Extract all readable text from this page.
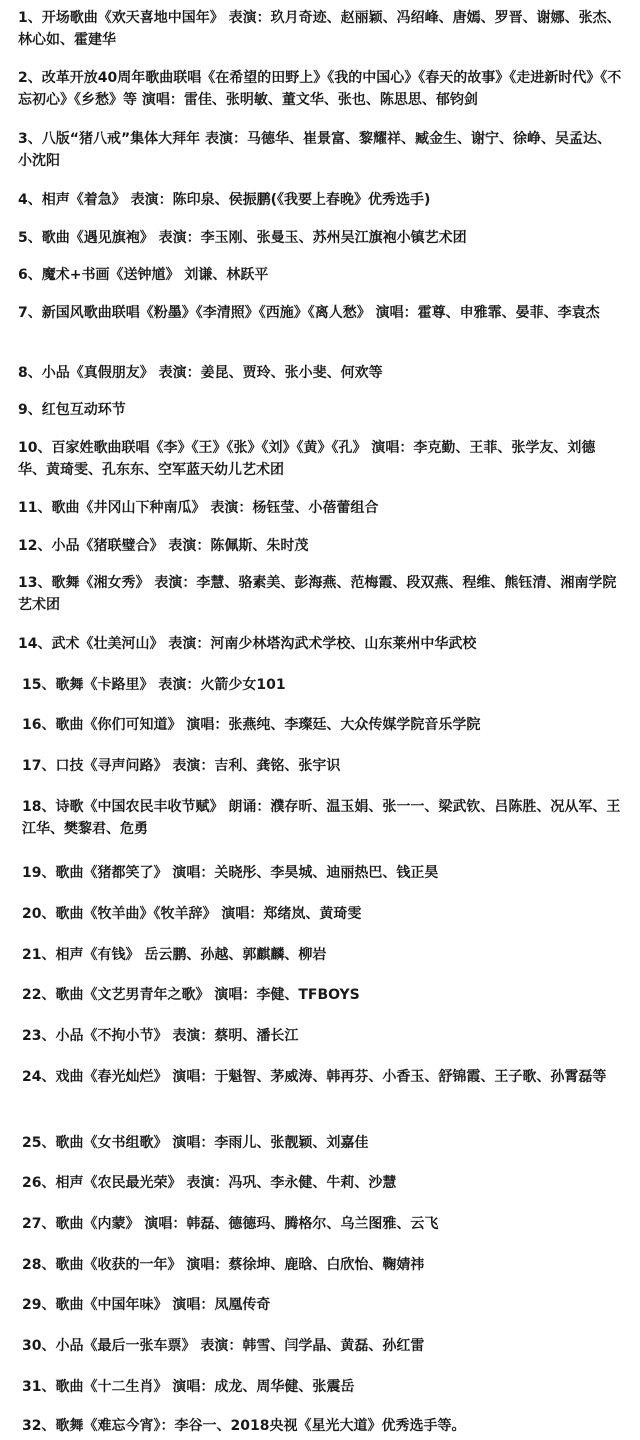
1、开场歌曲《欢天喜地中国年》 表演：玖月奇迹、赵丽颖、冯绍峰、唐嫣、罗晋、谢娜、张杰、林心如、霍建华
2、改革开放40周年歌曲联唱《在希望的田野上》《我的中国心》《春天的故事》《走进新时代》《不忘初心》《乡愁》等 演唱：雷佳、张明敏、董文华、张也、陈思思、郁钧剑
3、八版“猪八戒”集体大拜年 表演：马德华、崔景富、黎耀祥、臧金生、谢宁、徐峥、吴孟达、小沈阳
4、相声《着急》 表演：陈印泉、侯振鹏(《我要上春晚》优秀选手)
5、歌曲《遇见旗袍》 表演：李玉刚、张曼玉、苏州吴江旗袍小镇艺术团
6、魔术+书画《送钟馗》 刘谦、林跃平
7、新国风歌曲联唱《粉墨》《李清照》《西施》《离人愁》 演唱：霍尊、申雅霏、晏菲、李袁杰
8、小品《真假朋友》 表演：姜昆、贾玲、张小斐、何欢等
9、红包互动环节
10、百家姓歌曲联唱《李》《王》《张》《刘》《黄》《孔》 演唱：李克勤、王菲、张学友、刘德华、黄琦雯、孔东东、空军蓝天幼儿艺术团
11、歌曲《井冈山下种南瓜》 表演：杨钰莹、小蓓蕾组合
12、小品《猪联璧合》 表演：陈佩斯、朱时茂
13、歌舞《湘女秀》 表演：李慧、骆素美、彭海燕、范梅霞、段双燕、程维、熊钰清、湘南学院艺术团
14、武术《壮美河山》 表演：河南少林塔沟武术学校、山东莱州中华武校
15、歌舞《卡路里》 表演：火箭少女101
16、歌曲《你们可知道》 演唱：张燕纯、李璨廷、大众传媒学院音乐学院
17、口技《寻声问路》 表演：吉利、龚铭、张宇识
18、诗歌《中国农民丰收节赋》 朗诵：濮存昕、温玉娟、张一一、梁武钦、吕陈胜、况从军、王江华、樊黎君、危勇
19、歌曲《猪都笑了》 演唱：关晓彤、李昊城、迪丽热巴、钱正昊
20、歌曲《牧羊曲》《牧羊辞》 演唱：郑绪岚、黄琦雯
21、相声《有钱》 岳云鹏、孙越、郭麒麟、柳岩
22、歌曲《文艺男青年之歌》 演唱：李健、TFBOYS
23、小品《不拘小节》 表演：蔡明、潘长江
24、戏曲《春光灿烂》 演唱：于魁智、茅威涛、韩再芬、小香玉、舒锦霞、王子歌、孙霄磊等
25、歌曲《女书组歌》 演唱：李雨儿、张靓颖、刘嘉佳
26、相声《农民最光荣》 表演：冯巩、李永健、牛莉、沙慧
27、歌曲《内蒙》 演唱：韩磊、德德玛、腾格尔、乌兰图雅、云飞
28、歌曲《收获的一年》 演唱：蔡徐坤、鹿晗、白欣怡、鞠婧祎
29、歌曲《中国年味》 演唱：凤凰传奇
30、小品《最后一张车票》 表演：韩雪、闫学晶、黄磊、孙红雷
31、歌曲《十二生肖》 演唱：成龙、周华健、张震岳
32、歌舞《难忘今宵》：李谷一、2018央视《星光大道》优秀选手等。
